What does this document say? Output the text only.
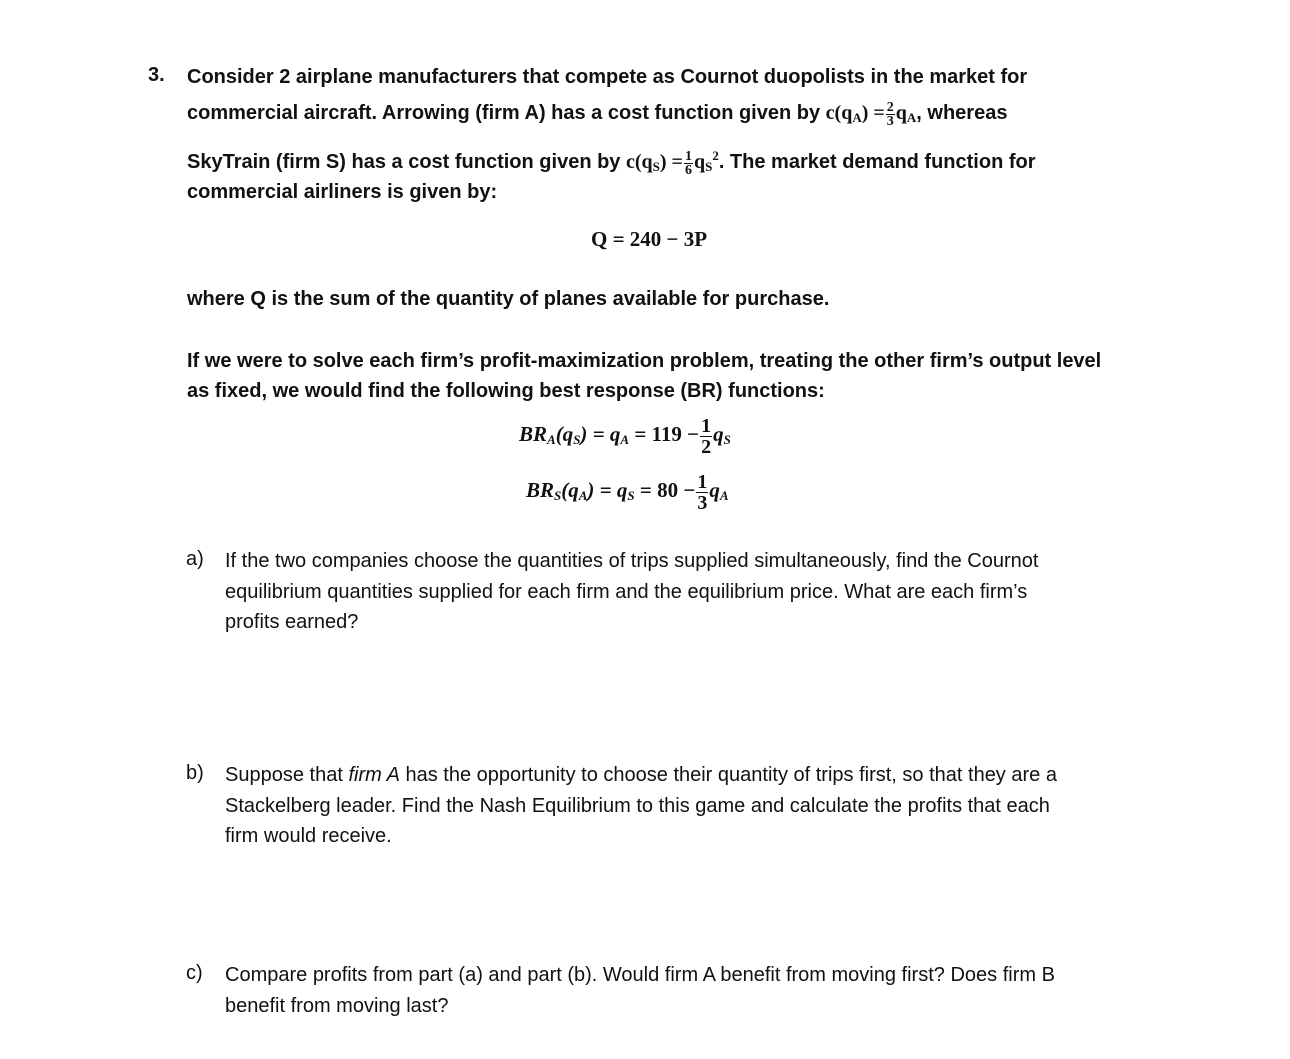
3. Consider 2 airplane manufacturers that compete as Cournot duopolists in the market for
commercial aircraft. Arrowing (firm A) has a cost function given by $c(q_A) = \frac{2}{3} q_A$, whereas
SkyTrain (firm S) has a cost function given by $c(q_S) = \frac{1}{6} q_S^2$. The market demand function for
commercial airliners is given by:
Q = 240 − 3P
where Q is the sum of the quantity of planes available for purchase.
If we were to solve each firm’s profit-maximization problem, treating the other firm’s output level
as fixed, we would find the following best response (BR) functions:
$BR_A(q_S) = q_A = 119 - \frac{1}{2} q_S$
$BR_S(q_A) = q_S = 80 - \frac{1}{3} q_A$
a) If the two companies choose the quantities of trips supplied simultaneously, find the Cournot
equilibrium quantities supplied for each firm and the equilibrium price. What are each firm’s
profits earned?
b) Suppose that firm A has the opportunity to choose their quantity of trips first, so that they are a
Stackelberg leader. Find the Nash Equilibrium to this game and calculate the profits that each
firm would receive.
c) Compare profits from part (a) and part (b). Would firm A benefit from moving first? Does firm B
benefit from moving last?
